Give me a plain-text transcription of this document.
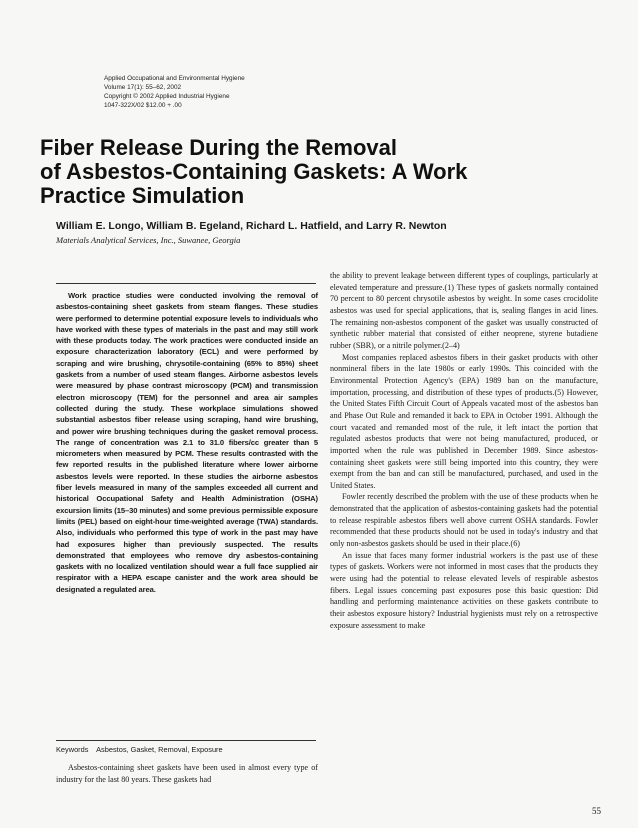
Applied Occupational and Environmental Hygiene
Volume 17(1): 55–62, 2002
Copyright © 2002 Applied Industrial Hygiene
1047-322X/02 $12.00 + .00
Fiber Release During the Removal
of Asbestos-Containing Gaskets: A Work
Practice Simulation
William E. Longo, William B. Egeland, Richard L. Hatfield, and Larry R. Newton
Materials Analytical Services, Inc., Suwanee, Georgia

Work practice studies were conducted involving the removal of asbestos-containing sheet gaskets from steam flanges. These studies were performed to determine potential exposure levels to individuals who have worked with these types of materials in the past and may still work with these products today. The work practices were conducted inside an exposure characterization laboratory (ECL) and were performed by scraping and wire brushing, chrysotile-containing (65% to 85%) sheet gaskets from a number of used steam flanges. Airborne asbestos levels were measured by phase contrast microscopy (PCM) and transmission electron microscopy (TEM) for the personnel and area air samples collected during the study. These workplace simulations showed substantial asbestos fiber release using scraping, hand wire brushing, and power wire brushing techniques during the gasket removal process. The range of concentration was 2.1 to 31.0 fibers/cc greater than 5 micrometers when measured by PCM. These results contrasted with the few reported results in the published literature where lower airborne asbestos levels were reported. In these studies the airborne asbestos fiber levels measured in many of the samples exceeded all current and historical Occupational Safety and Health Administration (OSHA) excursion limits (15–30 minutes) and some previous permissible exposure limits (PEL) based on eight-hour time-weighted average (TWA) standards. Also, individuals who performed this type of work in the past may have had exposures higher than previously suspected. The results demonstrated that employees who remove dry asbestos-containing gaskets with no localized ventilation should wear a full face supplied air respirator with a HEPA escape canister and the work area should be designated a regulated area.

Keywords Asbestos, Gasket, Removal, Exposure

Asbestos-containing sheet gaskets have been used in almost every type of industry for the last 80 years. These gaskets had

the ability to prevent leakage between different types of couplings, particularly at elevated temperature and pressure.(1) These types of gaskets normally contained 70 percent to 80 percent chrysotile asbestos by weight. In some cases crocidolite asbestos was used for special applications, that is, sealing flanges in acid lines. The remaining non-asbestos component of the gasket was usually constructed of synthetic rubber material that consisted of either neoprene, styrene butadiene rubber (SBR), or a nitrile polymer.(2–4)

Most companies replaced asbestos fibers in their gasket products with other nonmineral fibers in the late 1980s or early 1990s. This coincided with the Environmental Protection Agency's (EPA) 1989 ban on the manufacture, importation, processing, and distribution of these types of products.(5) However, the United States Fifth Circuit Court of Appeals vacated most of the asbestos ban and Phase Out Rule and remanded it back to EPA in October 1991. Although the court vacated and remanded most of the rule, it left intact the portion that regulated asbestos products that were not being manufactured, produced, or imported when the rule was published in December 1989. Since asbestos-containing sheet gaskets were still being imported into this country, they were exempt from the ban and can still be manufactured, purchased, and used in the United States.

Fowler recently described the problem with the use of these products when he demonstrated that the application of asbestos-containing gaskets had the potential to release respirable asbestos fibers well above current OSHA standards. Fowler recommended that these products should not be used in today's industry and that only non-asbestos gaskets should be used in their place.(6)

An issue that faces many former industrial workers is the past use of these types of gaskets. Workers were not informed in most cases that the products they were using had the potential to release elevated levels of respirable asbestos fibers. Legal issues concerning past exposures pose this basic question: Did handling and performing maintenance activities on these gaskets contribute to their asbestos exposure history? Industrial hygienists must rely on a retrospective exposure assessment to make

55
